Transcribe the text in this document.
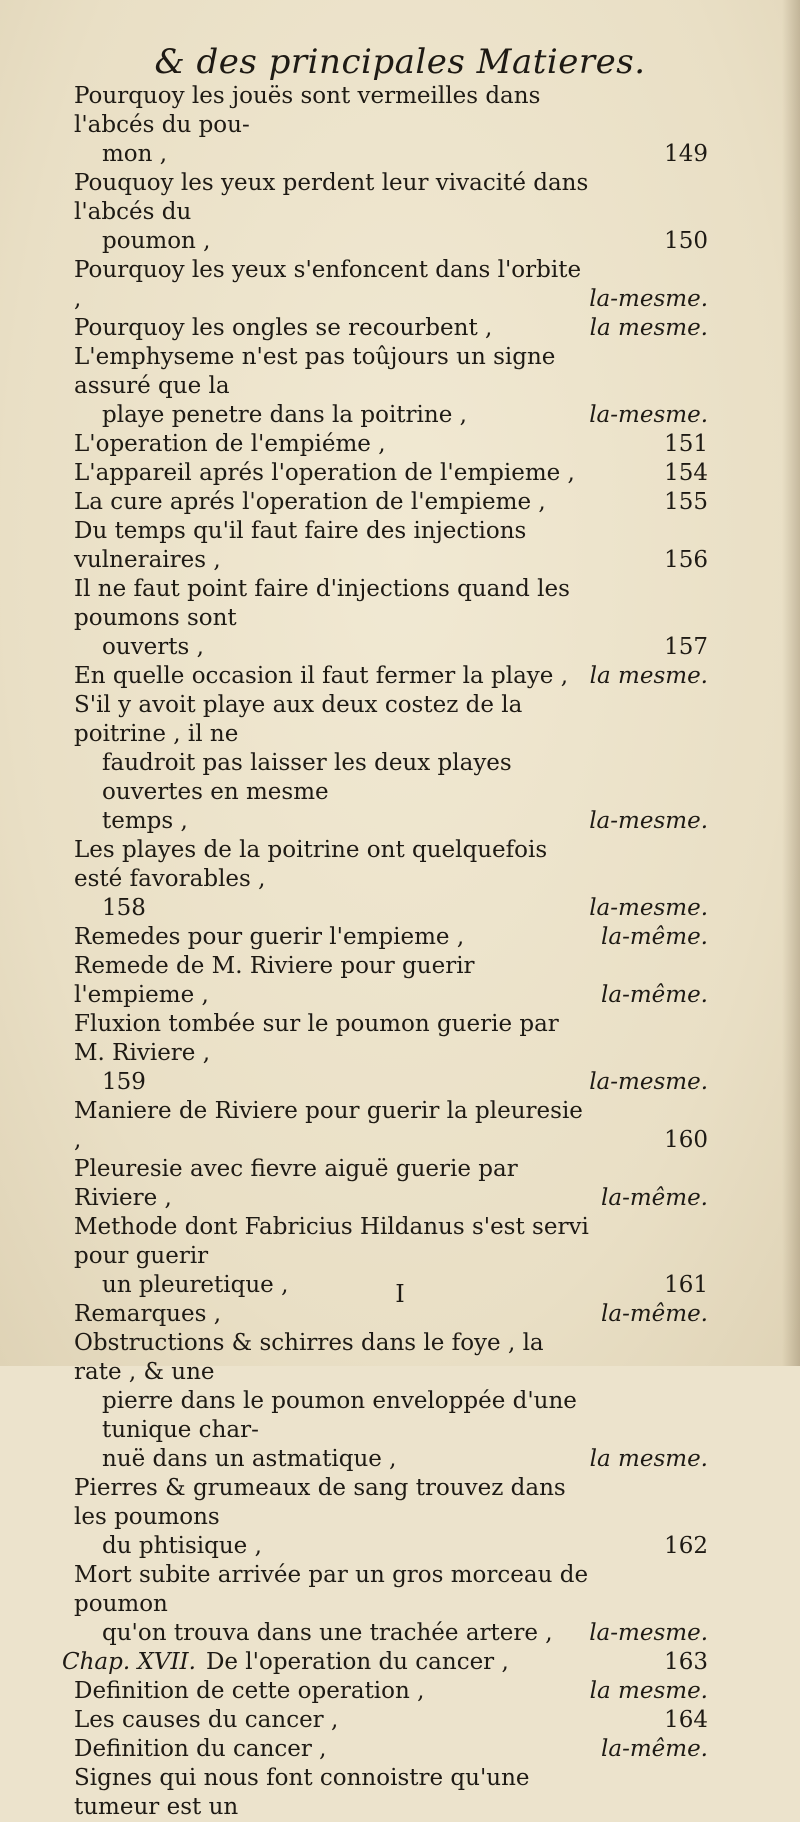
& des principales Matieres.
Pourquoy les jouës sont vermeilles dans l'abcés du pou-
mon ,	149
Pouquoy les yeux perdent leur vivacité dans l'abcés du
poumon ,	150
Pourquoy les yeux s'enfoncent dans l'orbite ,	la-mesme.
Pourquoy les ongles se recourbent ,	la mesme.
L'emphyseme n'est pas toûjours un signe assuré que la
playe penetre dans la poitrine ,	la-mesme.
L'operation de l'empiéme ,	151
L'appareil aprés l'operation de l'empieme ,	154
La cure aprés l'operation de l'empieme ,	155
Du temps qu'il faut faire des injections vulneraires ,	156
Il ne faut point faire d'injections quand les poumons sont
ouverts ,	157
En quelle occasion il faut fermer la playe , la mesme.
S'il y avoit playe aux deux costez de la poitrine , il ne
faudroit pas laisser les deux playes ouvertes en mesme
temps ,	la-mesme.
Les playes de la poitrine ont quelquefois esté favorables ,
158	la-mesme.
Remedes pour guerir l'empieme ,	la-même.
Remede de M. Riviere pour guerir l'empieme ,	la-même.
Fluxion tombée sur le poumon guerie par M. Riviere ,
159	la-mesme.
Maniere de Riviere pour guerir la pleuresie ,	160
Pleuresie avec fievre aiguë guerie par Riviere ,	la-même.
Methode dont Fabricius Hildanus s'est servi pour guerir
un pleuretique ,	161
Remarques ,	la-même.
Obstructions & schirres dans le foye , la rate , & une
pierre dans le poumon enveloppée d'une tunique char-
nuë dans un astmatique ,	la mesme.
Pierres & grumeaux de sang trouvez dans les poumons
du phtisique ,	162
Mort subite arrivée par un gros morceau de poumon
qu'on trouva dans une trachée artere ,	la-mesme.
Chap. XVII. De l'operation du cancer ,	163
Definition de cette operation ,	la mesme.
Les causes du cancer ,	164
Definition du cancer ,	la-même.
Signes qui nous font connoistre qu'une tumeur est un
I
